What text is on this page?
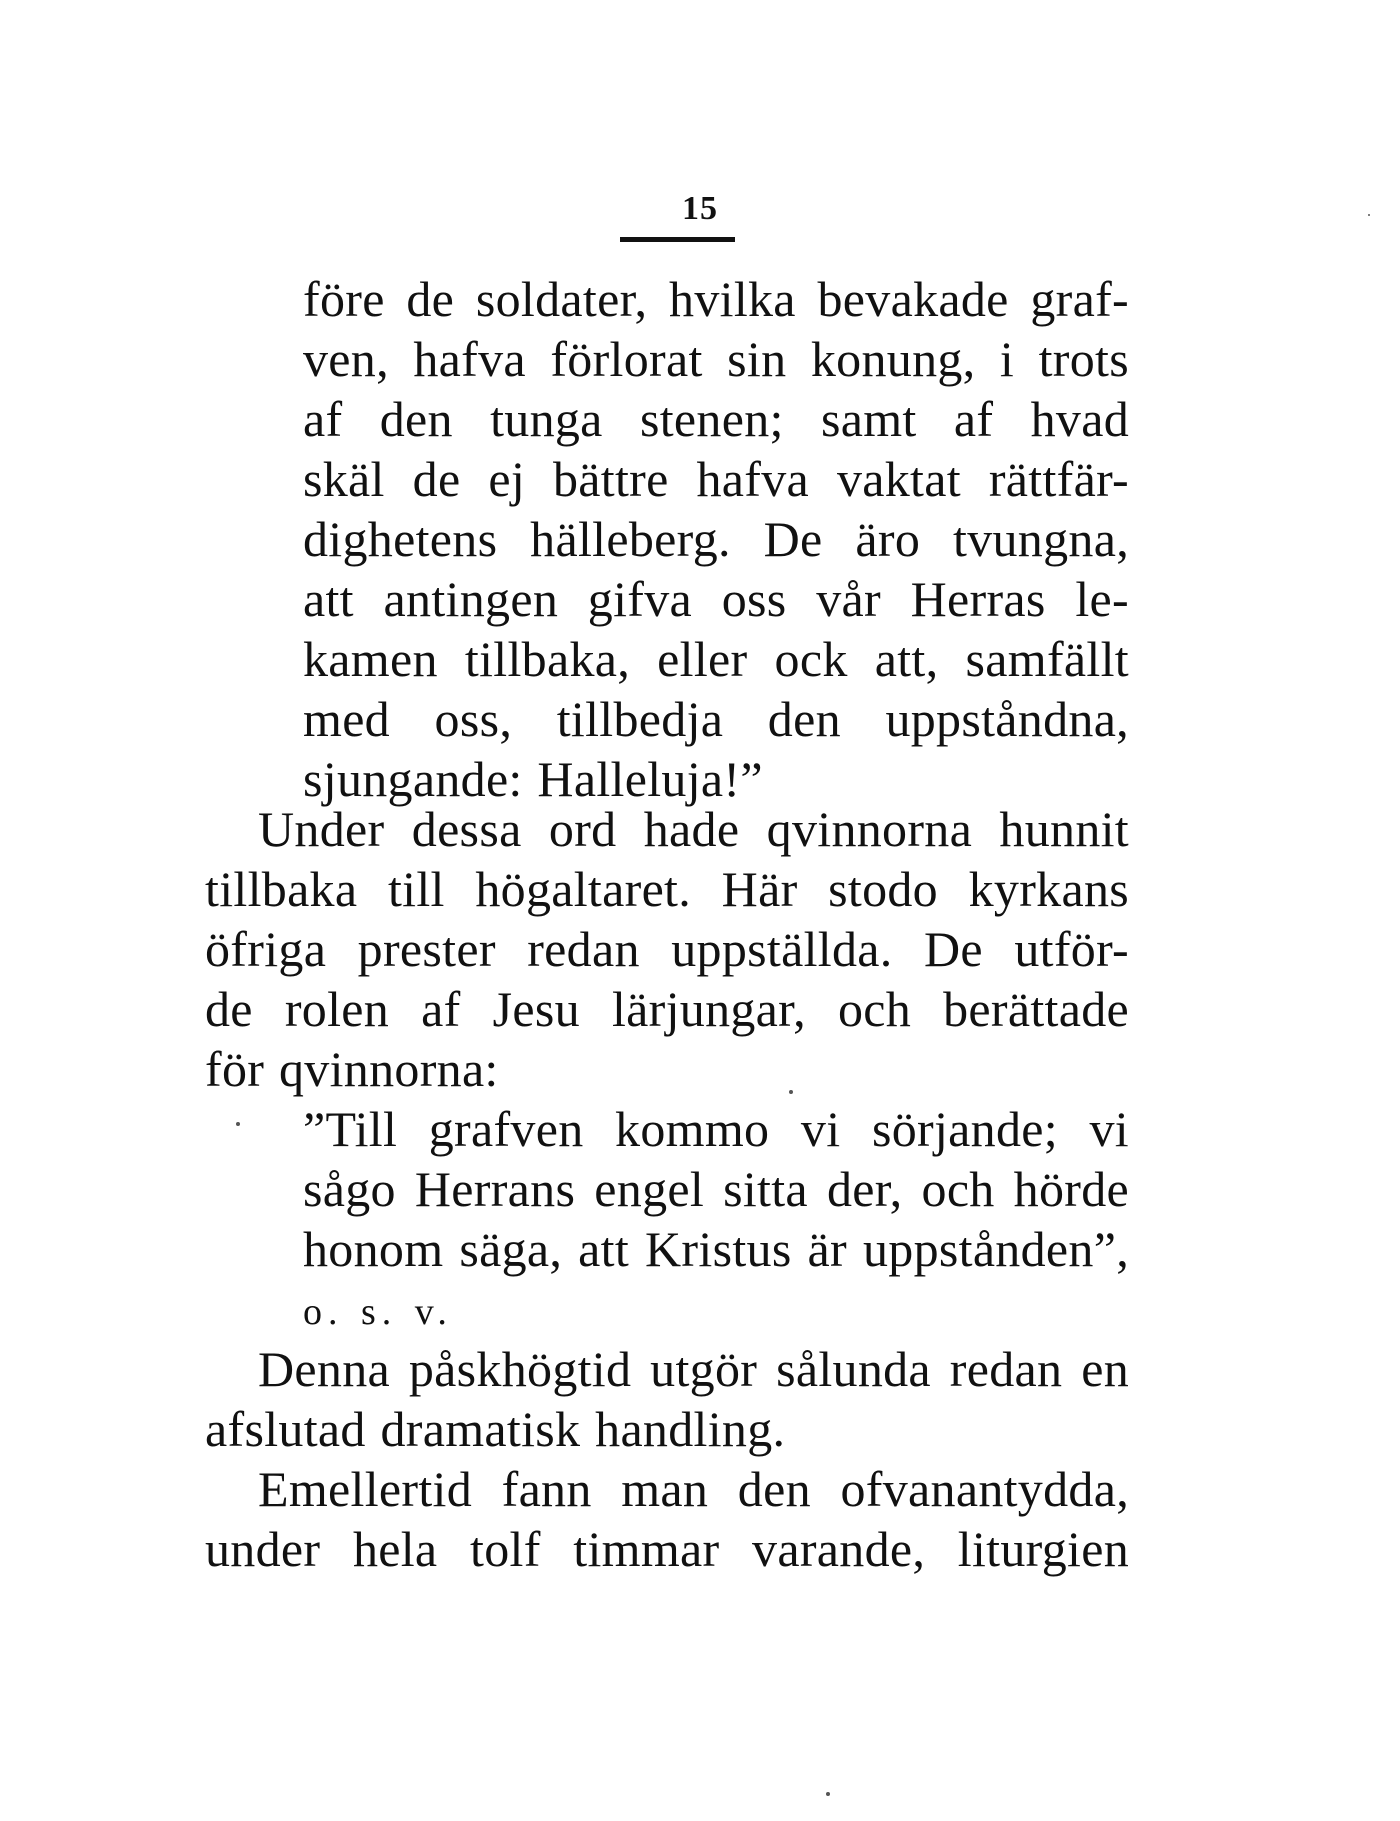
15
före de soldater, hvilka bevakade graf-
ven, hafva förlorat sin konung, i trots
af den tunga stenen; samt af hvad
skäl de ej bättre hafva vaktat rättfär-
dighetens hälleberg. De äro tvungna,
att antingen gifva oss vår Herras le-
kamen tillbaka, eller ock att, samfällt
med oss, tillbedja den uppståndna,
sjungande: Halleluja!”
Under dessa ord hade qvinnorna hunnit
tillbaka till högaltaret. Här stodo kyrkans
öfriga prester redan uppställda. De utför-
de rolen af Jesu lärjungar, och berättade
för qvinnorna:
”Till grafven kommo vi sörjande; vi
sågo Herrans engel sitta der, och hörde
honom säga, att Kristus är uppstånden”,
o. s. v.
Denna påskhögtid utgör sålunda redan en
afslutad dramatisk handling.
Emellertid fann man den ofvanantydda,
under hela tolf timmar varande, liturgien
